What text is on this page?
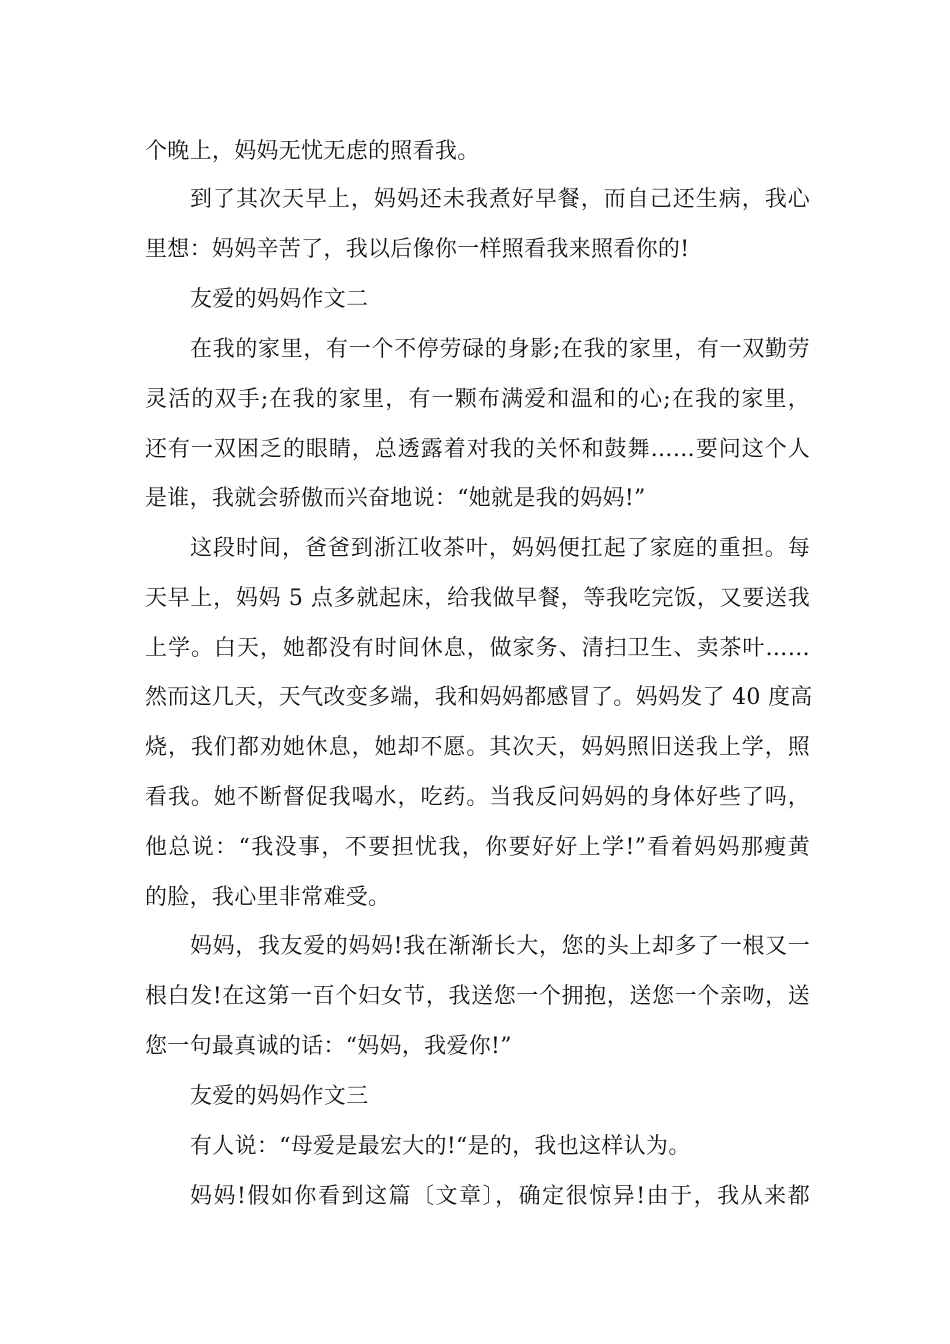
个晚上，妈妈无忧无虑的照看我。
到了其次天早上，妈妈还未我煮好早餐，而自己还生病，我心
里想：妈妈辛苦了，我以后像你一样照看我来照看你的!
友爱的妈妈作文二
在我的家里，有一个不停劳碌的身影;在我的家里，有一双勤劳
灵活的双手;在我的家里，有一颗布满爱和温和的心;在我的家里，
还有一双困乏的眼睛，总透露着对我的关怀和鼓舞……要问这个人
是谁，我就会骄傲而兴奋地说：“她就是我的妈妈!”
这段时间，爸爸到浙江收茶叶，妈妈便扛起了家庭的重担。每
天早上，妈妈 5 点多就起床，给我做早餐，等我吃完饭，又要送我
上学。白天，她都没有时间休息，做家务、清扫卫生、卖茶叶……
然而这几天，天气改变多端，我和妈妈都感冒了。妈妈发了 40 度高
烧，我们都劝她休息，她却不愿。其次天，妈妈照旧送我上学，照
看我。她不断督促我喝水，吃药。当我反问妈妈的身体好些了吗，
他总说：“我没事，不要担忧我，你要好好上学!”看着妈妈那瘦黄
的脸，我心里非常难受。
妈妈，我友爱的妈妈!我在渐渐长大，您的头上却多了一根又一
根白发!在这第一百个妇女节，我送您一个拥抱，送您一个亲吻，送
您一句最真诚的话：“妈妈，我爱你!”
友爱的妈妈作文三
有人说：“母爱是最宏大的!“是的，我也这样认为。
妈妈!假如你看到这篇〔文章〕，确定很惊异!由于，我从来都
